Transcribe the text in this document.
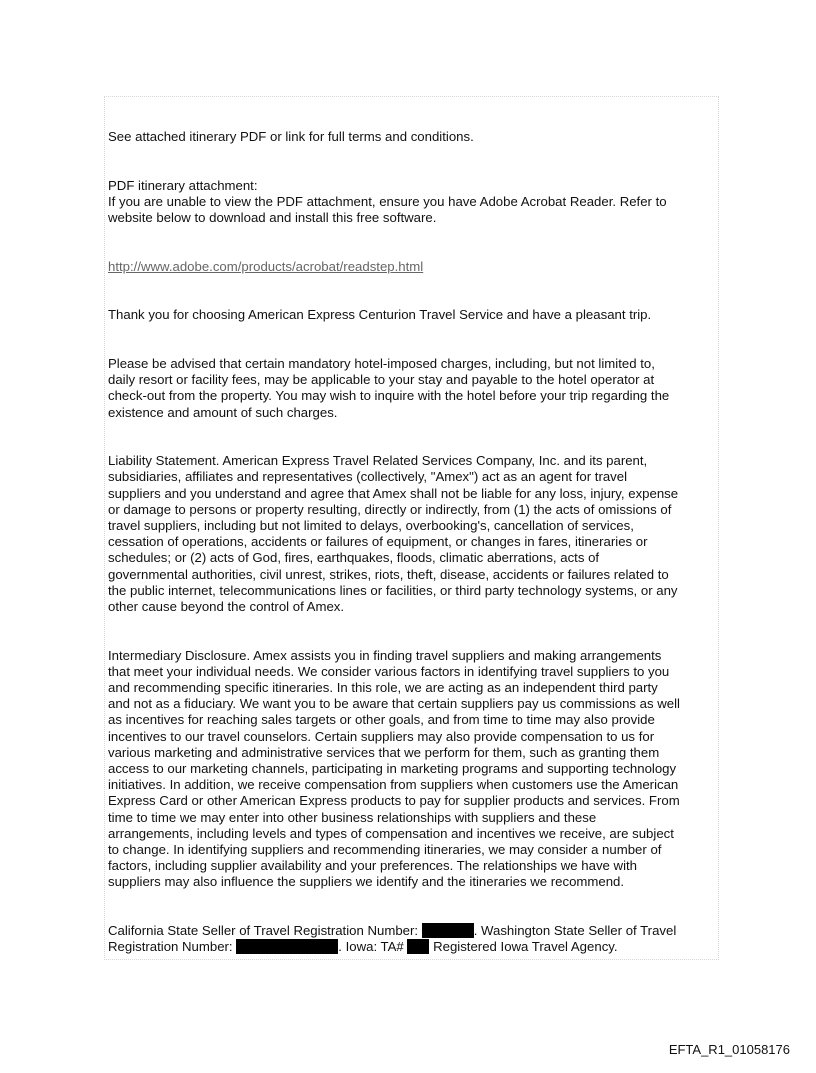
See attached itinerary PDF or link for full terms and conditions.

PDF itinerary attachment:
If you are unable to view the PDF attachment, ensure you have Adobe Acrobat Reader. Refer to
website below to download and install this free software.

http://www.adobe.com/products/acrobat/readstep.html

Thank you for choosing American Express Centurion Travel Service and have a pleasant trip.

Please be advised that certain mandatory hotel-imposed charges, including, but not limited to,
daily resort or facility fees, may be applicable to your stay and payable to the hotel operator at
check-out from the property. You may wish to inquire with the hotel before your trip regarding the
existence and amount of such charges.

Liability Statement. American Express Travel Related Services Company, Inc. and its parent,
subsidiaries, affiliates and representatives (collectively, "Amex") act as an agent for travel
suppliers and you understand and agree that Amex shall not be liable for any loss, injury, expense
or damage to persons or property resulting, directly or indirectly, from (1) the acts of omissions of
travel suppliers, including but not limited to delays, overbooking's, cancellation of services,
cessation of operations, accidents or failures of equipment, or changes in fares, itineraries or
schedules; or (2) acts of God, fires, earthquakes, floods, climatic aberrations, acts of
governmental authorities, civil unrest, strikes, riots, theft, disease, accidents or failures related to
the public internet, telecommunications lines or facilities, or third party technology systems, or any
other cause beyond the control of Amex.

Intermediary Disclosure. Amex assists you in finding travel suppliers and making arrangements
that meet your individual needs. We consider various factors in identifying travel suppliers to you
and recommending specific itineraries. In this role, we are acting as an independent third party
and not as a fiduciary. We want you to be aware that certain suppliers pay us commissions as well
as incentives for reaching sales targets or other goals, and from time to time may also provide
incentives to our travel counselors. Certain suppliers may also provide compensation to us for
various marketing and administrative services that we perform for them, such as granting them
access to our marketing channels, participating in marketing programs and supporting technology
initiatives. In addition, we receive compensation from suppliers when customers use the American
Express Card or other American Express products to pay for supplier products and services. From
time to time we may enter into other business relationships with suppliers and these
arrangements, including levels and types of compensation and incentives we receive, are subject
to change. In identifying suppliers and recommending itineraries, we may consider a number of
factors, including supplier availability and your preferences. The relationships we have with
suppliers may also influence the suppliers we identify and the itineraries we recommend.

California State Seller of Travel Registration Number:	. Washington State Seller of Travel
Registration Number:	. Iowa: TA#  Registered Iowa Travel Agency.

EFTA_R1_01058176
